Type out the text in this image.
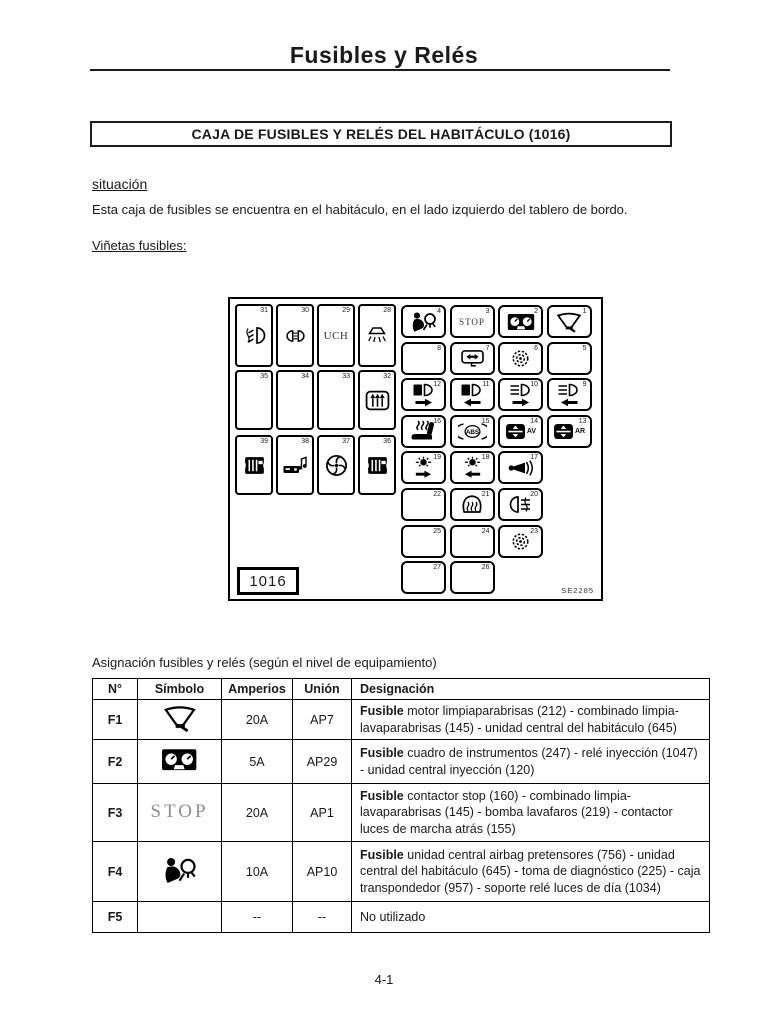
Fusibles y Relés
CAJA DE FUSIBLES Y RELÉS DEL HABITÁCULO (1016)
situación
Esta caja de fusibles se encuentra en el habitáculo, en el lado izquierdo del tablero de bordo.
Viñetas fusibles:
1016
SE2285
31	30	29
UCH
28
35	34	33	32
39	38	37	36
4	3
STOP
2	1
8	7	6	5
12	11	10	9
16	15
ABS
14
AV
13
AR
19	18	17
22	21	20
25	24	23
27	26
Asignación fusibles y relés (según el nivel de equipamiento)
N°	Símbolo	Amperios	Unión	Designación
F1		20A	AP7	Fusible motor limpiaparabrisas (212) - combinado limpia-lavaparabrisas (145) - unidad central del habitáculo (645)
F2		5A	AP29	Fusible cuadro de instrumentos (247) - relé inyección (1047) - unidad central inyección (120)
F3	STOP	20A	AP1	Fusible contactor stop (160) - combinado limpia-lavaparabrisas (145) - bomba lavafaros (219) - contactor luces de marcha atrás (155)
F4		10A	AP10	Fusible unidad central airbag pretensores (756) - unidad central del habitáculo (645) - toma de diagnóstico (225) - caja transpondedor (957) - soporte relé luces de día (1034)
F5		--	--	No utilizado
4-1
